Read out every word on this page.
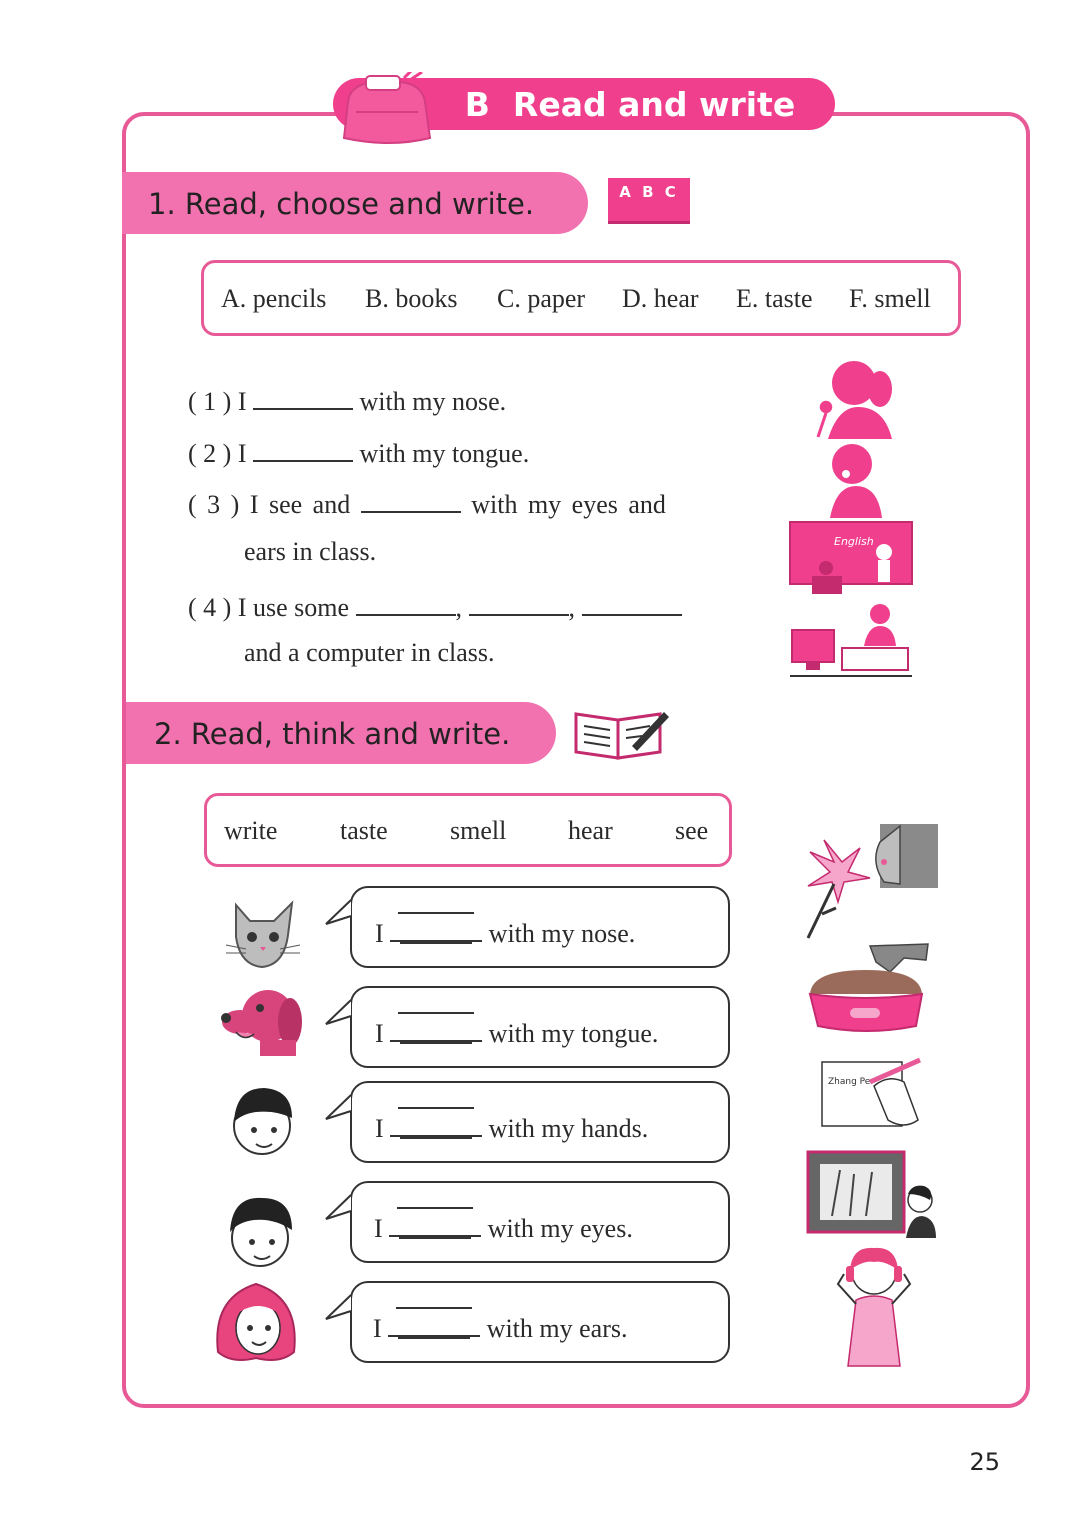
B Read and write
1. Read, choose and write.	A B C
A. pencils B. books C. paper D. hear E. taste F. smell
( 1 ) I	with my nose.
( 2 ) I	with my tongue.
( 3 ) I see and	with my eyes and
ears in class.
( 4 ) I use some	,	,
and a computer in class.
English
2. Read, think and write.
write taste smell hear see
I	with my nose.
I	with my tongue.
I	with my hands.
I	with my eyes.
I	with my ears.
Zhang Pe
25
